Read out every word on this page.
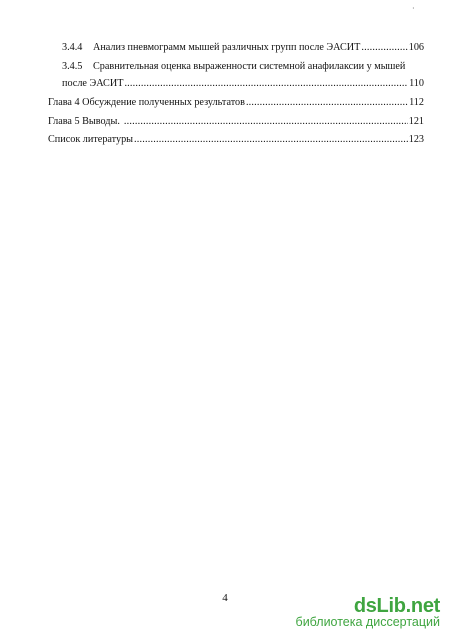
·
3.4.4	Анализ пневмограмм мышей различных групп после ЭАСИТ .....	106
3.4.5	Сравнительная оценка выраженности системной анафилаксии у мышей
после ЭАСИТ .....	110
Глава 4 Обсуждение полученных результатов .....	112
Глава 5 Выводы. .....	121
Список литературы .....	123
4	dsLib.net
библиотека диссертаций
